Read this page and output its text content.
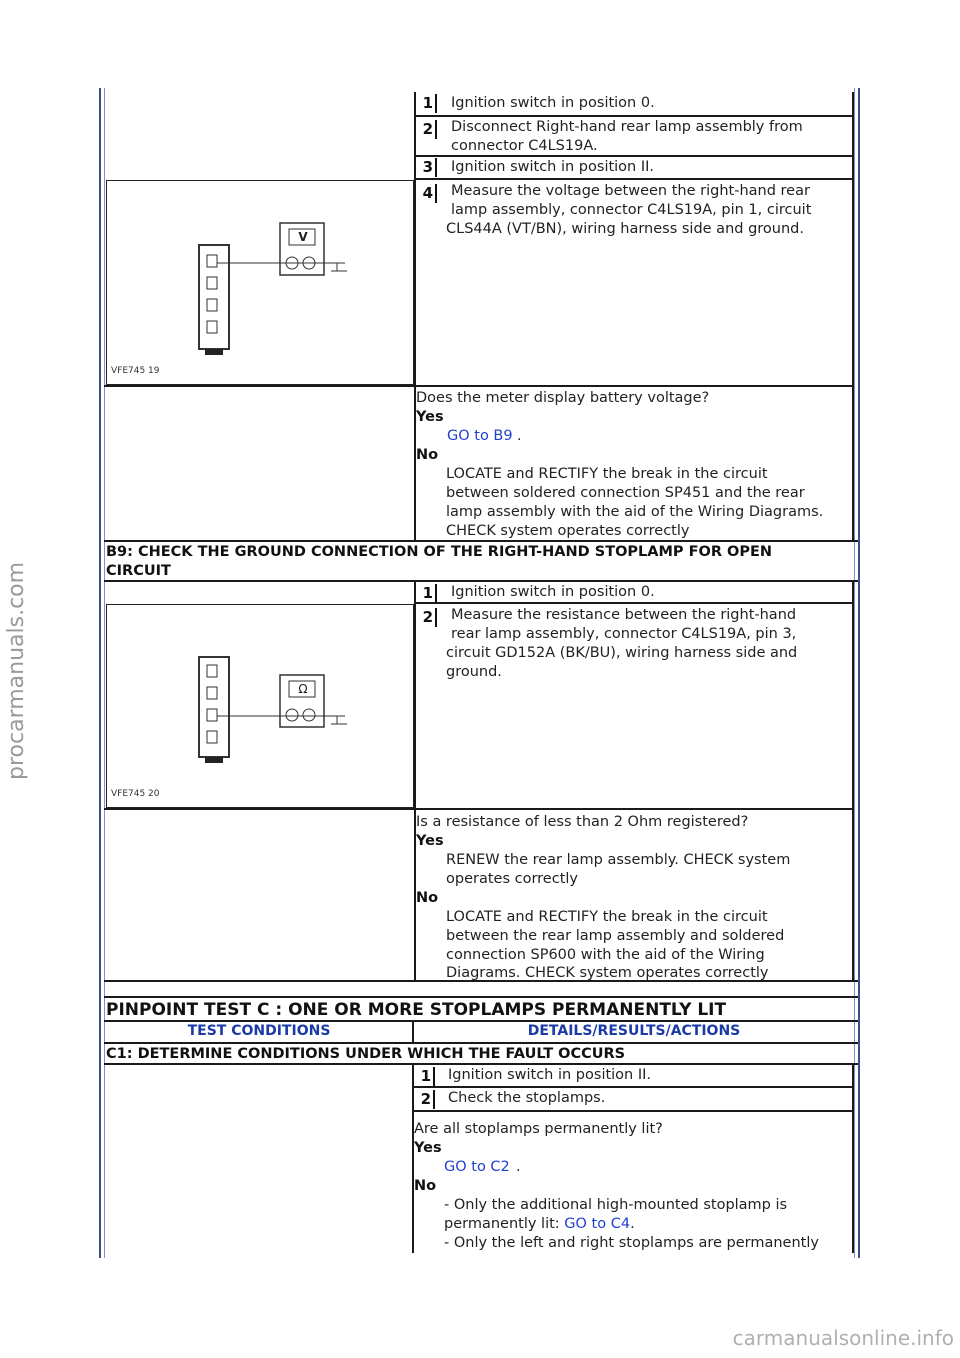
procarmanuals.com
1 Ignition switch in position 0.
2 Disconnect Right-hand rear lamp assembly from
connector C4LS19A.
3 Ignition switch in position II.
4 Measure the voltage between the right-hand rear
lamp assembly, connector C4LS19A, pin 1, circuit
CLS44A (VT/BN), wiring harness side and ground.
V
VFE745 19
Does the meter display battery voltage?
Yes
GO to B9 .
No
LOCATE and RECTIFY the break in the circuit
between soldered connection SP451 and the rear
lamp assembly with the aid of the Wiring Diagrams.
CHECK system operates correctly
B9: CHECK THE GROUND CONNECTION OF THE RIGHT-HAND STOPLAMP FOR OPEN
CIRCUIT
1 Ignition switch in position 0.
2 Measure the resistance between the right-hand
rear lamp assembly, connector C4LS19A, pin 3,
circuit GD152A (BK/BU), wiring harness side and
ground.
Ω
VFE745 20
Is a resistance of less than 2 Ohm registered?
Yes
RENEW the rear lamp assembly. CHECK system
operates correctly
No
LOCATE and RECTIFY the break in the circuit
between the rear lamp assembly and soldered
connection SP600 with the aid of the Wiring
Diagrams. CHECK system operates correctly
PINPOINT TEST C : ONE OR MORE STOPLAMPS PERMANENTLY LIT
TEST CONDITIONS	DETAILS/RESULTS/ACTIONS
C1: DETERMINE CONDITIONS UNDER WHICH THE FAULT OCCURS
1 Ignition switch in position II.
2 Check the stoplamps.
Are all stoplamps permanently lit?
Yes
GO to C2 .
No
- Only the additional high-mounted stoplamp is
permanently lit: GO to C4.
- Only the left and right stoplamps are permanently
carmanualsonline.info
